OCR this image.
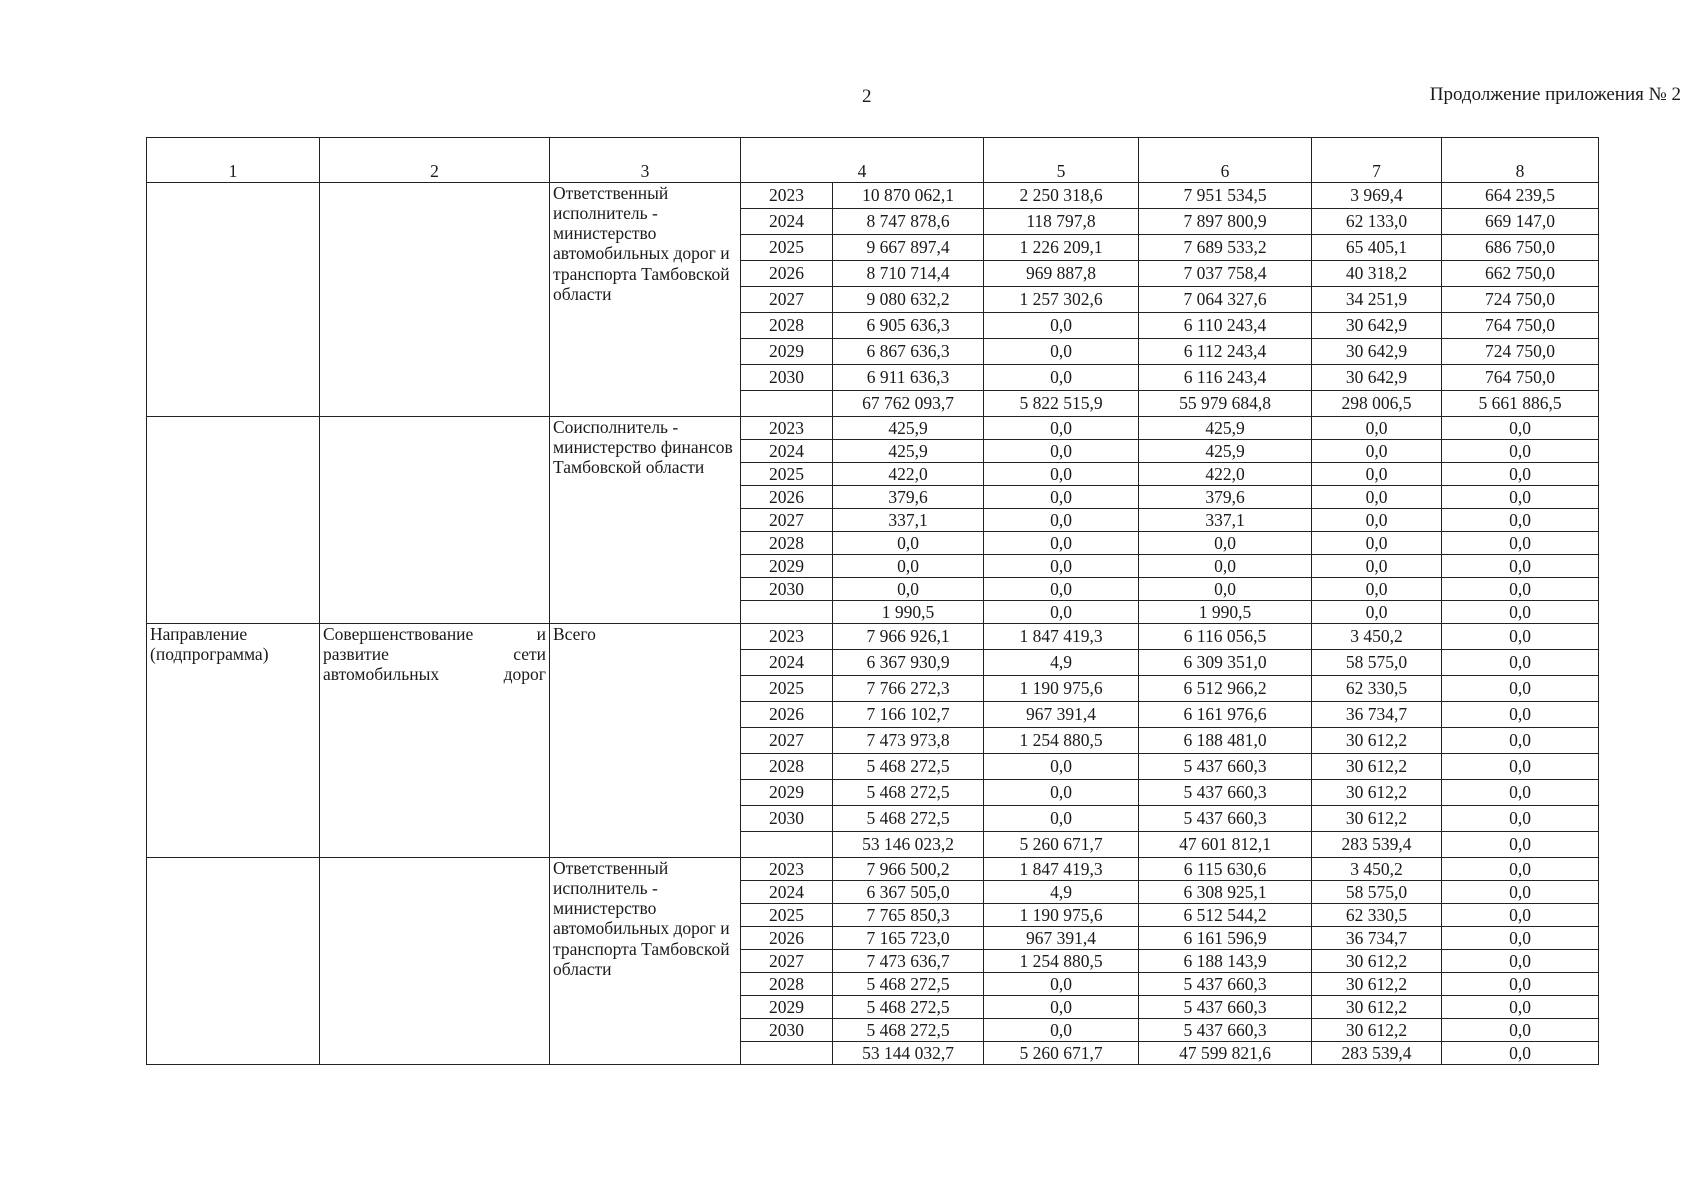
2	Продолжение приложения № 2
1	2	3	4		5	6	7	8
		Ответственный исполнитель - министерство автомобильных дорог и транспорта Тамбовской области	2023	10 870 062,1	2 250 318,6	7 951 534,5	3 969,4	664 239,5
			2024	8 747 878,6	118 797,8	7 897 800,9	62 133,0	669 147,0
			2025	9 667 897,4	1 226 209,1	7 689 533,2	65 405,1	686 750,0
			2026	8 710 714,4	969 887,8	7 037 758,4	40 318,2	662 750,0
			2027	9 080 632,2	1 257 302,6	7 064 327,6	34 251,9	724 750,0
			2028	6 905 636,3	0,0	6 110 243,4	30 642,9	764 750,0
			2029	6 867 636,3	0,0	6 112 243,4	30 642,9	724 750,0
			2030	6 911 636,3	0,0	6 116 243,4	30 642,9	764 750,0
				67 762 093,7	5 822 515,9	55 979 684,8	298 006,5	5 661 886,5
		Соисполнитель - министерство финансов Тамбовской области	2023	425,9	0,0	425,9	0,0	0,0
			2024	425,9	0,0	425,9	0,0	0,0
			2025	422,0	0,0	422,0	0,0	0,0
			2026	379,6	0,0	379,6	0,0	0,0
			2027	337,1	0,0	337,1	0,0	0,0
			2028	0,0	0,0	0,0	0,0	0,0
			2029	0,0	0,0	0,0	0,0	0,0
			2030	0,0	0,0	0,0	0,0	0,0
				1 990,5	0,0	1 990,5	0,0	0,0
Направление (подпрограмма)	Совершенствование и развитие сети автомобильных дорог	Всего	2023	7 966 926,1	1 847 419,3	6 116 056,5	3 450,2	0,0
			2024	6 367 930,9	4,9	6 309 351,0	58 575,0	0,0
			2025	7 766 272,3	1 190 975,6	6 512 966,2	62 330,5	0,0
			2026	7 166 102,7	967 391,4	6 161 976,6	36 734,7	0,0
			2027	7 473 973,8	1 254 880,5	6 188 481,0	30 612,2	0,0
			2028	5 468 272,5	0,0	5 437 660,3	30 612,2	0,0
			2029	5 468 272,5	0,0	5 437 660,3	30 612,2	0,0
			2030	5 468 272,5	0,0	5 437 660,3	30 612,2	0,0
				53 146 023,2	5 260 671,7	47 601 812,1	283 539,4	0,0
		Ответственный исполнитель - министерство автомобильных дорог и транспорта Тамбовской области	2023	7 966 500,2	1 847 419,3	6 115 630,6	3 450,2	0,0
			2024	6 367 505,0	4,9	6 308 925,1	58 575,0	0,0
			2025	7 765 850,3	1 190 975,6	6 512 544,2	62 330,5	0,0
			2026	7 165 723,0	967 391,4	6 161 596,9	36 734,7	0,0
			2027	7 473 636,7	1 254 880,5	6 188 143,9	30 612,2	0,0
			2028	5 468 272,5	0,0	5 437 660,3	30 612,2	0,0
			2029	5 468 272,5	0,0	5 437 660,3	30 612,2	0,0
			2030	5 468 272,5	0,0	5 437 660,3	30 612,2	0,0
				53 144 032,7	5 260 671,7	47 599 821,6	283 539,4	0,0
